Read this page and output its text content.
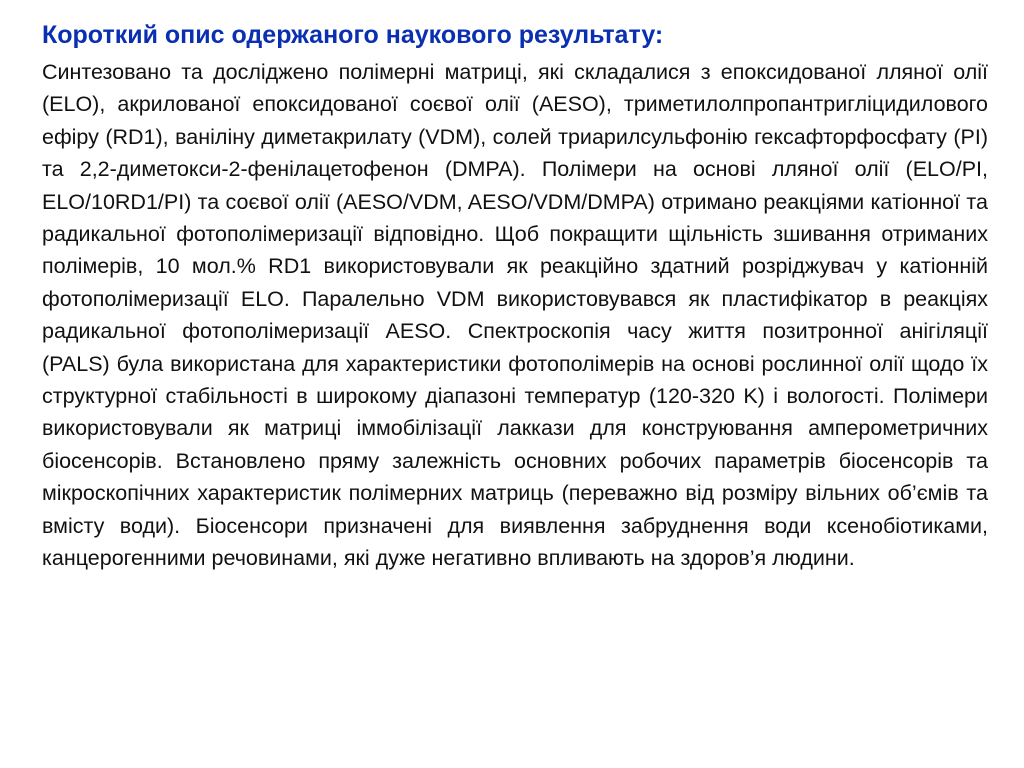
Короткий опис одержаного наукового результату:

Синтезовано та досліджено полімерні матриці, які складалися з епоксидованої лляної олії (ELO), акрилованої епоксидованої соєвої олії (AESO), триметилолпропантригліцидилового ефіру (RD1), ваніліну диметакрилату (VDM), солей триарилсульфонію гексафторфосфату (PI) та 2,2-диметокси-2-фенілацетофенон (DMPA). Полімери на основі лляної олії (ELO/PI, ELO/10RD1/PI) та соєвої олії (AESO/VDM, AESO/VDM/DMPA) отримано реакціями катіонної та радикальної фотополімеризації відповідно. Щоб покращити щільність зшивання отриманих полімерів, 10 мол.% RD1 використовували як реакційно здатний розріджувач у катіонній фотополімеризації ELO. Паралельно VDM використовувався як пластифікатор в реакціях радикальної фотополімеризації AESO. Спектроскопія часу життя позитронної анігіляції (PALS) була використана для характеристики фотополімерів на основі рослинної олії щодо їх структурної стабільності в широкому діапазоні температур (120-320 K) і вологості. Полімери використовували як матриці іммобілізації лаккази для конструювання амперометричних біосенсорів. Встановлено пряму залежність основних робочих параметрів біосенсорів та мікроскопічних характеристик полімерних матриць (переважно від розміру вільних об’ємів та вмісту води). Біосенсори призначені для виявлення забруднення води ксенобіотиками, канцерогенними речовинами, які дуже негативно впливають на здоров’я людини.
